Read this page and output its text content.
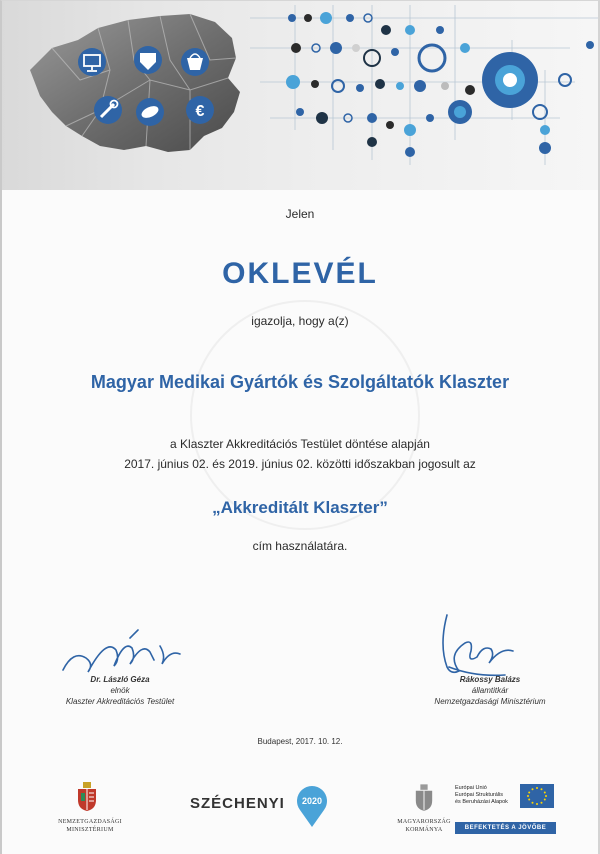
€
Jelen
OKLEVÉL
igazolja, hogy a(z)
Magyar Medikai Gyártók és Szolgáltatók Klaszter
a Klaszter Akkreditációs Testület döntése alapján
2017. június 02. és 2019. június 02. közötti időszakban jogosult az
„Akkreditált Klaszter”
cím használatára.
Dr. László Géza
elnök
Klaszter Akkreditációs Testület
Rákossy Balázs
államtitkár
Nemzetgazdasági Minisztérium
Budapest, 2017. 10. 12.
NEMZETGAZDASÁGI
MINISZTÉRIUM
SZÉCHENYI	2020
MAGYARORSZÁG
KORMÁNYA
Európai Unió
Európai Strukturális
és Beruházási Alapok
BEFEKTETÉS A JÖVŐBE
